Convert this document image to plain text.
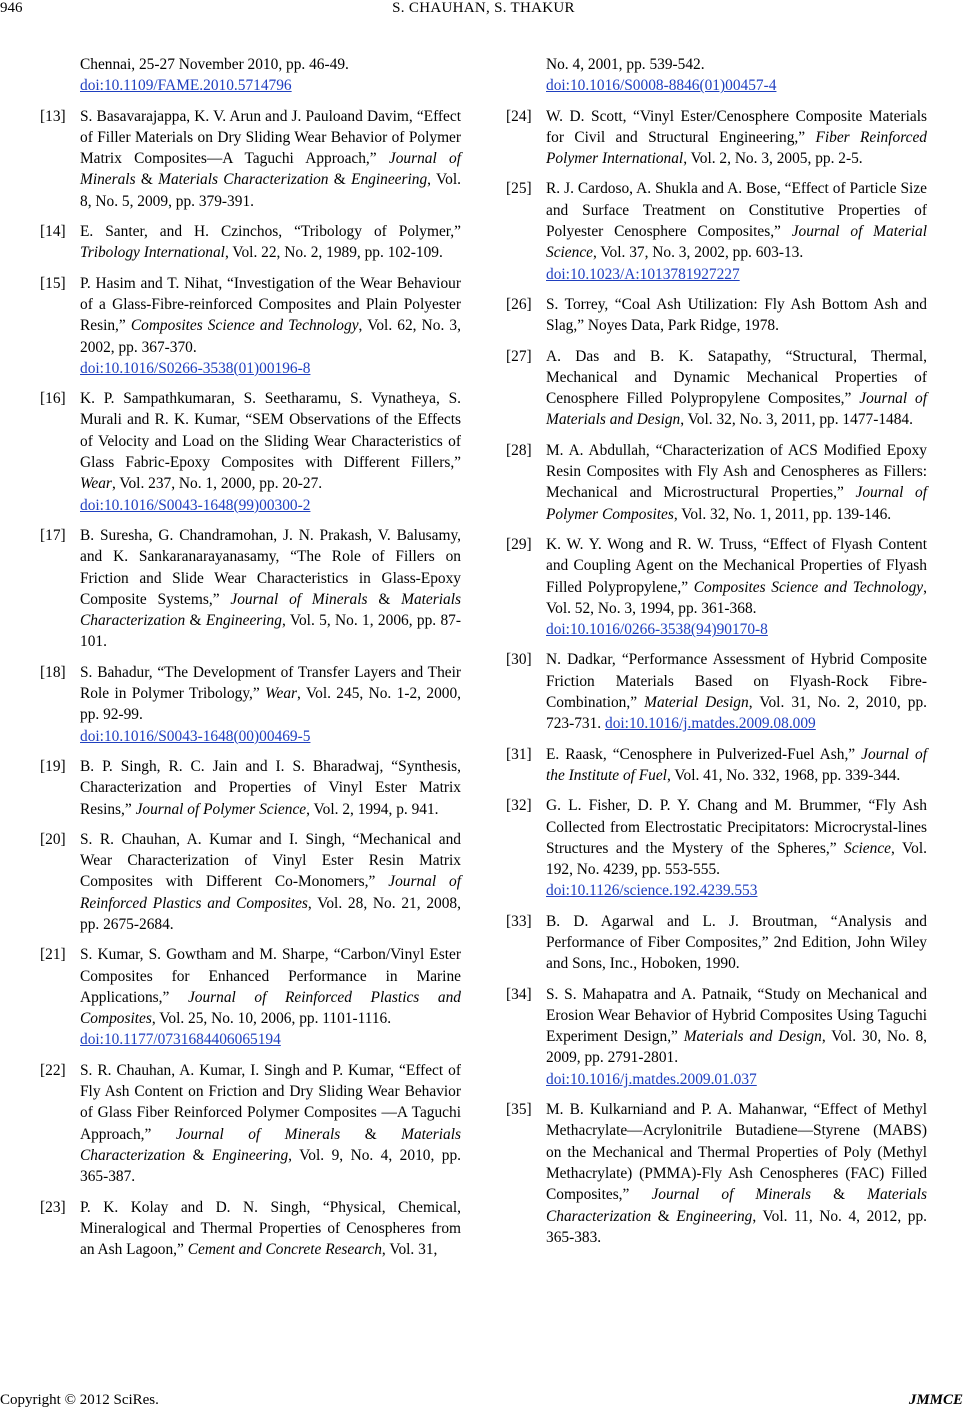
946	S. CHAUHAN, S. THAKUR
Chennai, 25-27 November 2010, pp. 46-49.
doi:10.1109/FAME.2010.5714796
[13] S. Basavarajappa, K. V. Arun and J. Pauloand Davim, “Effect of Filler Materials on Dry Sliding Wear Behavior of Polymer Matrix Composites—A Taguchi Approach,” Journal of Minerals & Materials Characterization & Engineering, Vol. 8, No. 5, 2009, pp. 379-391.
[14] E. Santer, and H. Czinchos, “Tribology of Polymer,” Tribology International, Vol. 22, No. 2, 1989, pp. 102-109.
[15] P. Hasim and T. Nihat, “Investigation of the Wear Behaviour of a Glass-Fibre-reinforced Composites and Plain Polyester Resin,” Composites Science and Technology, Vol. 62, No. 3, 2002, pp. 367-370.
doi:10.1016/S0266-3538(01)00196-8
[16] K. P. Sampathkumaran, S. Seetharamu, S. Vynatheya, S. Murali and R. K. Kumar, “SEM Observations of the Effects of Velocity and Load on the Sliding Wear Characteristics of Glass Fabric-Epoxy Composites with Different Fillers,” Wear, Vol. 237, No. 1, 2000, pp. 20-27.
doi:10.1016/S0043-1648(99)00300-2
[17] B. Suresha, G. Chandramohan, J. N. Prakash, V. Balusamy, and K. Sankaranarayanasamy, “The Role of Fillers on Friction and Slide Wear Characteristics in Glass-Epoxy Composite Systems,” Journal of Minerals & Materials Characterization & Engineering, Vol. 5, No. 1, 2006, pp. 87-101.
[18] S. Bahadur, “The Development of Transfer Layers and Their Role in Polymer Tribology,” Wear, Vol. 245, No. 1-2, 2000, pp. 92-99.
doi:10.1016/S0043-1648(00)00469-5
[19] B. P. Singh, R. C. Jain and I. S. Bharadwaj, “Synthesis, Characterization and Properties of Vinyl Ester Matrix Resins,” Journal of Polymer Science, Vol. 2, 1994, p. 941.
[20] S. R. Chauhan, A. Kumar and I. Singh, “Mechanical and Wear Characterization of Vinyl Ester Resin Matrix Composites with Different Co-Monomers,” Journal of Reinforced Plastics and Composites, Vol. 28, No. 21, 2008, pp. 2675-2684.
[21] S. Kumar, S. Gowtham and M. Sharpe, “Carbon/Vinyl Ester Composites for Enhanced Performance in Marine Applications,” Journal of Reinforced Plastics and Composites, Vol. 25, No. 10, 2006, pp. 1101-1116.
doi:10.1177/0731684406065194
[22] S. R. Chauhan, A. Kumar, I. Singh and P. Kumar, “Effect of Fly Ash Content on Friction and Dry Sliding Wear Behavior of Glass Fiber Reinforced Polymer Composites —A Taguchi Approach,” Journal of Minerals & Materials Characterization & Engineering, Vol. 9, No. 4, 2010, pp. 365-387.
[23] P. K. Kolay and D. N. Singh, “Physical, Chemical, Mineralogical and Thermal Properties of Cenospheres from an Ash Lagoon,” Cement and Concrete Research, Vol. 31,
No. 4, 2001, pp. 539-542.
doi:10.1016/S0008-8846(01)00457-4
[24] W. D. Scott, “Vinyl Ester/Cenosphere Composite Materials for Civil and Structural Engineering,” Fiber Reinforced Polymer International, Vol. 2, No. 3, 2005, pp. 2-5.
[25] R. J. Cardoso, A. Shukla and A. Bose, “Effect of Particle Size and Surface Treatment on Constitutive Properties of Polyester Cenosphere Composites,” Journal of Material Science, Vol. 37, No. 3, 2002, pp. 603-13.
doi:10.1023/A:1013781927227
[26] S. Torrey, “Coal Ash Utilization: Fly Ash Bottom Ash and Slag,” Noyes Data, Park Ridge, 1978.
[27] A. Das and B. K. Satapathy, “Structural, Thermal, Mechanical and Dynamic Mechanical Properties of Cenosphere Filled Polypropylene Composites,” Journal of Materials and Design, Vol. 32, No. 3, 2011, pp. 1477-1484.
[28] M. A. Abdullah, “Characterization of ACS Modified Epoxy Resin Composites with Fly Ash and Cenospheres as Fillers: Mechanical and Microstructural Properties,” Journal of Polymer Composites, Vol. 32, No. 1, 2011, pp. 139-146.
[29] K. W. Y. Wong and R. W. Truss, “Effect of Flyash Content and Coupling Agent on the Mechanical Properties of Flyash Filled Polypropylene,” Composites Science and Technology, Vol. 52, No. 3, 1994, pp. 361-368.
doi:10.1016/0266-3538(94)90170-8
[30] N. Dadkar, “Performance Assessment of Hybrid Composite Friction Materials Based on Flyash-Rock Fibre-Combination,” Material Design, Vol. 31, No. 2, 2010, pp. 723-731. doi:10.1016/j.matdes.2009.08.009
[31] E. Raask, “Cenosphere in Pulverized-Fuel Ash,” Journal of the Institute of Fuel, Vol. 41, No. 332, 1968, pp. 339-344.
[32] G. L. Fisher, D. P. Y. Chang and M. Brummer, “Fly Ash Collected from Electrostatic Precipitators: Microcrystal-lines Structures and the Mystery of the Spheres,” Science, Vol. 192, No. 4239, pp. 553-555.
doi:10.1126/science.192.4239.553
[33] B. D. Agarwal and L. J. Broutman, “Analysis and Performance of Fiber Composites,” 2nd Edition, John Wiley and Sons, Inc., Hoboken, 1990.
[34] S. S. Mahapatra and A. Patnaik, “Study on Mechanical and Erosion Wear Behavior of Hybrid Composites Using Taguchi Experiment Design,” Materials and Design, Vol. 30, No. 8, 2009, pp. 2791-2801.
doi:10.1016/j.matdes.2009.01.037
[35] M. B. Kulkarniand and P. A. Mahanwar, “Effect of Methyl Methacrylate—Acrylonitrile Butadiene—Styrene (MABS) on the Mechanical and Thermal Properties of Poly (Methyl Methacrylate) (PMMA)-Fly Ash Cenospheres (FAC) Filled Composites,” Journal of Minerals & Materials Characterization & Engineering, Vol. 11, No. 4, 2012, pp. 365-383.
Copyright © 2012 SciRes.	JMMCE
